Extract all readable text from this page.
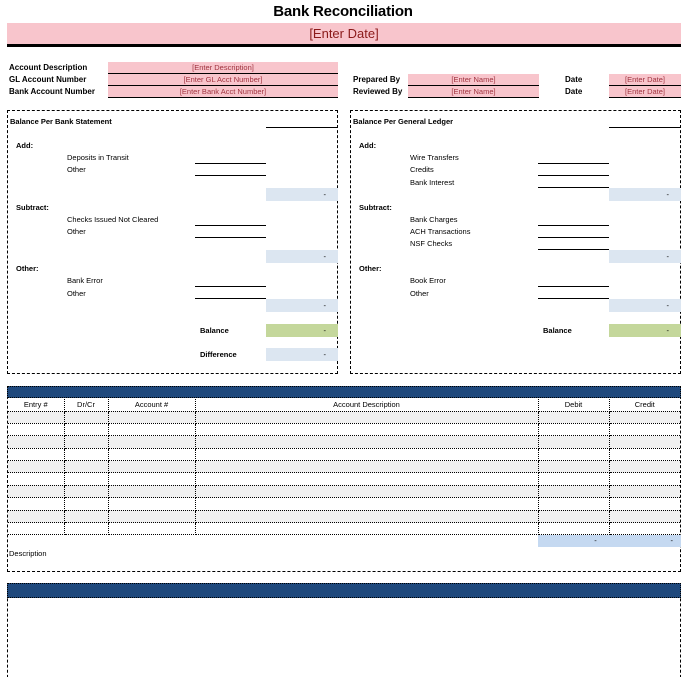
Bank Reconciliation
[Enter Date]
Account Description	[Enter Description]
GL Account Number	[Enter GL Acct Number]
Bank Account Number	[Enter Bank Acct Number]
Prepared By	[Enter Name]	Date	[Enter Date]
Reviewed By	[Enter Name]	Date	[Enter Date]
Balance Per Bank Statement
Add:
Deposits in Transit
Other
-
Subtract:
Checks Issued Not Cleared
Other
-
Other:
Bank Error
Other
-
Balance	-
Difference	-
Balance Per General Ledger
Add:
Wire Transfers
Credits
Bank Interest
-
Subtract:
Bank Charges
ACH Transactions
NSF Checks
-
Other:
Book Error
Other
-
Balance	-
Entry #	Dr/Cr	Account #	Account Description	Debit	Credit

-	-
Description
